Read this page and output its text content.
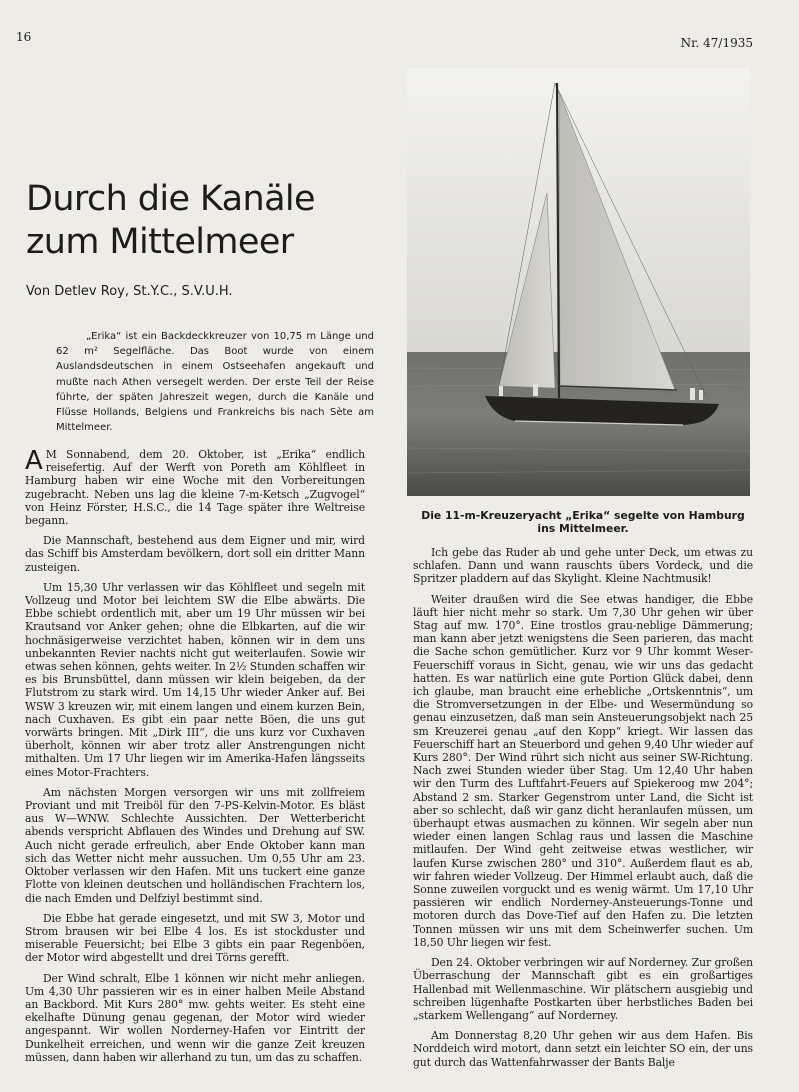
16	Nr. 47/1935
Durch die Kanäle zum Mittelmeer
Von Detlev Roy, St.Y.C., S.V.U.H.

„Erika“ ist ein Backdeckkreuzer von 10,75 m Länge und 62 m² Segelfläche. Das Boot wurde von einem Auslandsdeutschen in einem Ostseehafen angekauft und mußte nach Athen versegelt werden. Der erste Teil der Reise führte, der späten Jahreszeit wegen, durch die Kanäle und Flüsse Hollands, Belgiens und Frankreichs bis nach Sète am Mittelmeer.

A M Sonnabend, dem 20. Oktober, ist „Erika“ endlich reisefertig. Auf der Werft von Poreth am Köhlfleet in Hamburg haben wir eine Woche mit den Vorbereitungen zugebracht. Neben uns lag die kleine 7-m-Ketsch „Zugvogel“ von Heinz Förster, H.S.C., die 14 Tage später ihre Weltreise begann.

Die Mannschaft, bestehend aus dem Eigner und mir, wird das Schiff bis Amsterdam bevölkern, dort soll ein dritter Mann zusteigen.

Um 15,30 Uhr verlassen wir das Köhlfleet und segeln mit Vollzeug und Motor bei leichtem SW die Elbe abwärts. Die Ebbe schiebt ordentlich mit, aber um 19 Uhr müssen wir bei Krautsand vor Anker gehen; ohne die Elbkarten, auf die wir hochnäsigerweise verzichtet haben, können wir in dem uns unbekannten Revier nachts nicht gut weiterlaufen. Sowie wir etwas sehen können, gehts weiter. In 2½ Stunden schaffen wir es bis Brunsbüttel, dann müssen wir klein beigeben, da der Flutstrom zu stark wird. Um 14,15 Uhr wieder Anker auf. Bei WSW 3 kreuzen wir, mit einem langen und einem kurzen Bein, nach Cuxhaven. Es gibt ein paar nette Böen, die uns gut vorwärts bringen. Mit „Dirk III“, die uns kurz vor Cuxhaven überholt, können wir aber trotz aller Anstrengungen nicht mithalten. Um 17 Uhr liegen wir im Amerika-Hafen längsseits eines Motor-Frachters.

Am nächsten Morgen versorgen wir uns mit zollfreiem Proviant und mit Treiböl für den 7-PS-Kelvin-Motor. Es bläst aus W—WNW. Schlechte Aussichten. Der Wetterbericht abends verspricht Abflauen des Windes und Drehung auf SW. Auch nicht gerade erfreulich, aber Ende Oktober kann man sich das Wetter nicht mehr aussuchen. Um 0,55 Uhr am 23. Oktober verlassen wir den Hafen. Mit uns tuckert eine ganze Flotte von kleinen deutschen und holländischen Frachtern los, die nach Emden und Delfziyl bestimmt sind.

Die Ebbe hat gerade eingesetzt, und mit SW 3, Motor und Strom brausen wir bei Elbe 4 los. Es ist stockduster und miserable Feuersicht; bei Elbe 3 gibts ein paar Regenböen, der Motor wird abgestellt und drei Törns gerefft.

Der Wind schralt, Elbe 1 können wir nicht mehr anliegen. Um 4,30 Uhr passieren wir es in einer halben Meile Abstand an Backbord. Mit Kurs 280° mw. gehts weiter. Es steht eine ekelhafte Dünung genau gegenan, der Motor wird wieder angespannt. Wir wollen Norderney-Hafen vor Eintritt der Dunkelheit erreichen, und wenn wir die ganze Zeit kreuzen müssen, dann haben wir allerhand zu tun, um das zu schaffen.

Die 11-m-Kreuzeryacht „Erika“ segelte von Hamburg ins Mittelmeer.

Ich gebe das Ruder ab und gehe unter Deck, um etwas zu schlafen. Dann und wann rauschts übers Vordeck, und die Spritzer pladdern auf das Skylight. Kleine Nachtmusik!

Weiter draußen wird die See etwas handiger, die Ebbe läuft hier nicht mehr so stark. Um 7,30 Uhr gehen wir über Stag auf mw. 170°. Eine trostlos grau-neblige Dämmerung; man kann aber jetzt wenigstens die Seen parieren, das macht die Sache schon gemütlicher. Kurz vor 9 Uhr kommt Weser-Feuerschiff voraus in Sicht, genau, wie wir uns das gedacht hatten. Es war natürlich eine gute Portion Glück dabei, denn ich glaube, man braucht eine erhebliche „Ortskenntnis“, um die Stromversetzungen in der Elbe- und Wesermündung so genau einzusetzen, daß man sein Ansteuerungsobjekt nach 25 sm Kreuzerei genau „auf den Kopp“ kriegt. Wir lassen das Feuerschiff hart an Steuerbord und gehen 9,40 Uhr wieder auf Kurs 280°. Der Wind rührt sich nicht aus seiner SW-Richtung. Nach zwei Stunden wieder über Stag. Um 12,40 Uhr haben wir den Turm des Luftfahrt-Feuers auf Spiekeroog mw 204°; Abstand 2 sm. Starker Gegenstrom unter Land, die Sicht ist aber so schlecht, daß wir ganz dicht heranlaufen müssen, um überhaupt etwas ausmachen zu können. Wir segeln aber nun wieder einen langen Schlag raus und lassen die Maschine mitlaufen. Der Wind geht zeitweise etwas westlicher, wir laufen Kurse zwischen 280° und 310°. Außerdem flaut es ab, wir fahren wieder Vollzeug. Der Himmel erlaubt auch, daß die Sonne zuweilen vorguckt und es wenig wärmt. Um 17,10 Uhr passieren wir endlich Norderney-Ansteuerungs-Tonne und motoren durch das Dove-Tief auf den Hafen zu. Die letzten Tonnen müssen wir uns mit dem Scheinwerfer suchen. Um 18,50 Uhr liegen wir fest.

Den 24. Oktober verbringen wir auf Norderney. Zur großen Überraschung der Mannschaft gibt es ein großartiges Hallenbad mit Wellenmaschine. Wir plätschern ausgiebig und schreiben lügenhafte Postkarten über herbstliches Baden bei „starkem Wellengang“ auf Norderney.

Am Donnerstag 8,20 Uhr gehen wir aus dem Hafen. Bis Norddeich wird motort, dann setzt ein leichter SO ein, der uns gut durch das Wattenfahrwasser der Bants Balje
